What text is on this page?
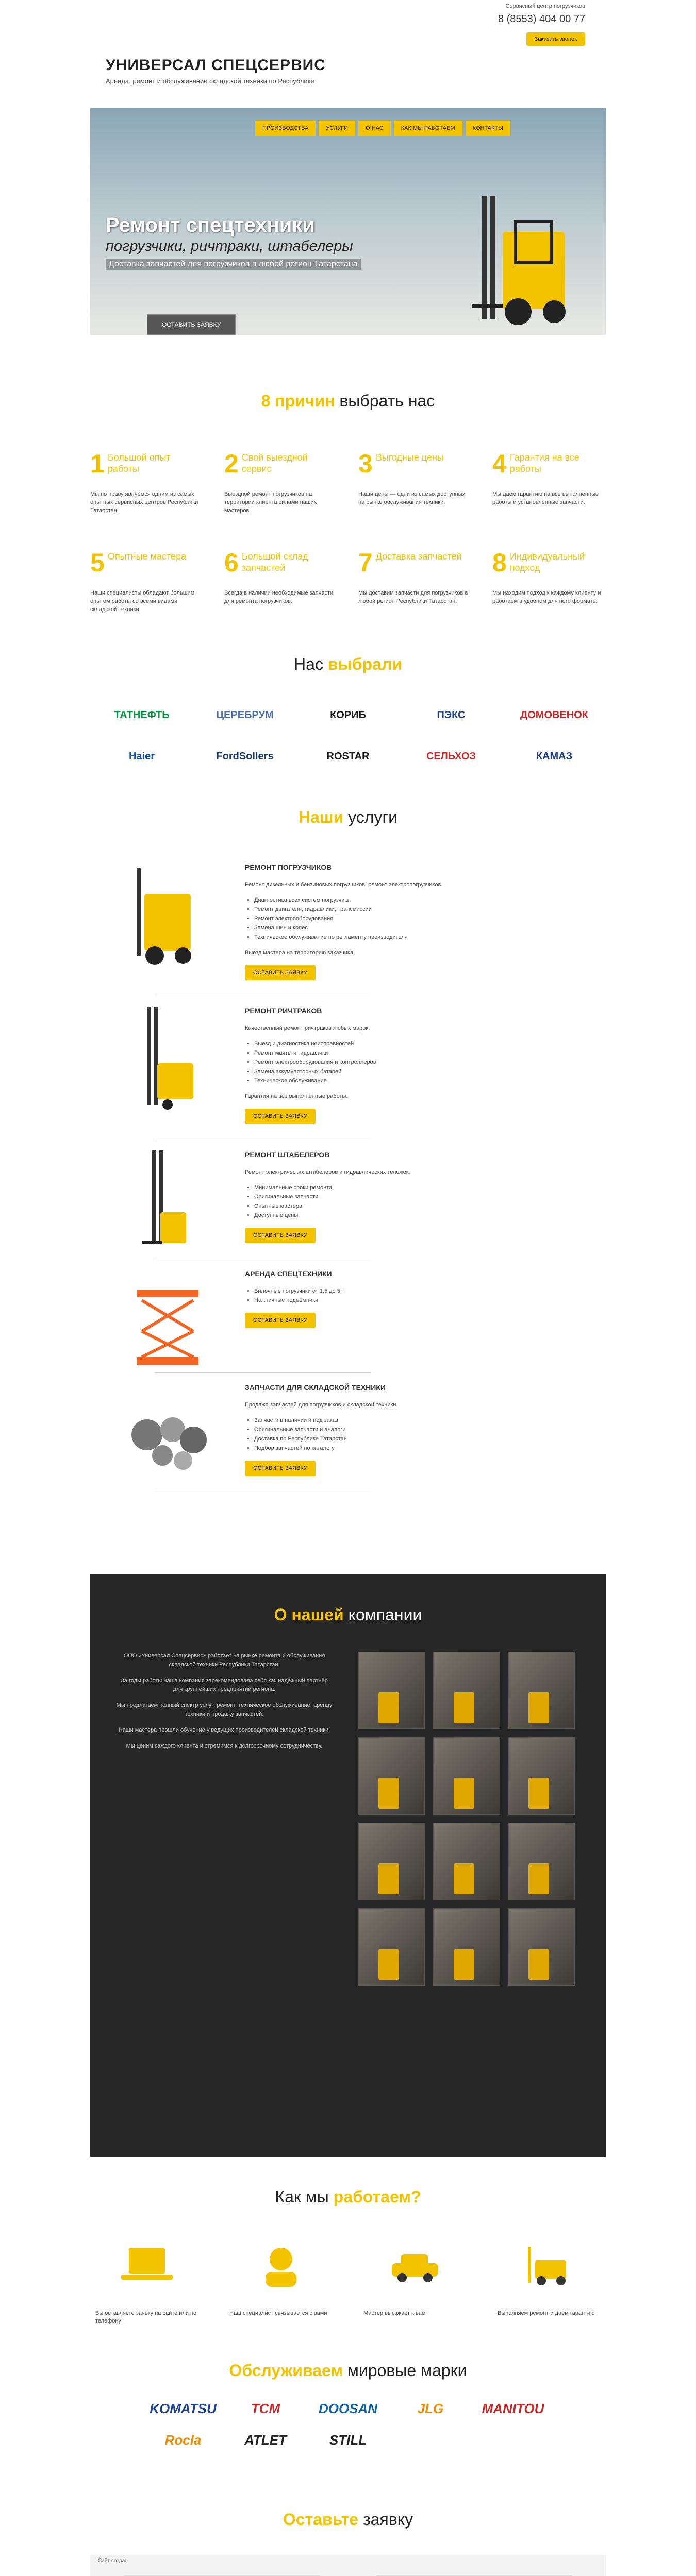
УНИВЕРСАЛ СПЕЦСЕРВИС
Аренда, ремонт и обслуживание складской техники по Республике
Сервисный центр погрузчиков
8 (8553) 404 00 77
Заказать звонок
ПРОИЗВОДСТВА	УСЛУГИ	О НАС	КАК МЫ РАБОТАЕМ	КОНТАКТЫ
Ремонт спецтехники
погрузчики, ричтраки, штабелеры
Доставка запчастей для погрузчиков в любой регион Татарстана
ОСТАВИТЬ ЗАЯВКУ
8 причин выбрать нас
1 Большой опыт работы
Мы по праву являемся одним из самых опытных сервисных центров Республики Татарстан.
2 Свой выездной сервис
Выездной ремонт погрузчиков на территории клиента силами наших мастеров.
3 Выгодные цены
Наши цены — одни из самых доступных на рынке обслуживания техники.
4 Гарантия на все работы
Мы даём гарантию на все выполненные работы и установленные запчасти.
5 Опытные мастера
Наши специалисты обладают большим опытом работы со всеми видами складской техники.
6 Большой склад запчастей
Всегда в наличии необходимые запчасти для ремонта погрузчиков.
7 Доставка запчастей
Мы доставим запчасти для погрузчиков в любой регион Республики Татарстан.
8 Индивидуальный подход
Мы находим подход к каждому клиенту и работаем в удобном для него формате.
Нас выбрали
ТАТНЕФТЬ	ЦЕРЕБРУМ	КОРИБ	ПЭКС	ДОМОВЕНОК
Haier	FordSollers	ROSTAR	СЕЛЬХОЗ	КАМАЗ
Наши услуги
РЕМОНТ ПОГРУЗЧИКОВ
Ремонт дизельных и бензиновых погрузчиков, ремонт электропогрузчиков.
• Диагностика всех систем погрузчика
• Ремонт двигателя, гидравлики, трансмиссии
• Ремонт электрооборудования
• Замена шин и колёс
• Техническое обслуживание по регламенту производителя
Выезд мастера на территорию заказчика.
ОСТАВИТЬ ЗАЯВКУ
РЕМОНТ РИЧТРАКОВ
Качественный ремонт ричтраков любых марок.
• Выезд и диагностика неисправностей
• Ремонт мачты и гидравлики
• Ремонт электрооборудования и контроллеров
• Замена аккумуляторных батарей
• Техническое обслуживание
Гарантия на все выполненные работы.
ОСТАВИТЬ ЗАЯВКУ
РЕМОНТ ШТАБЕЛЕРОВ
Ремонт электрических штабелеров и гидравлических тележек.
• Минимальные сроки ремонта
• Оригинальные запчасти
• Опытные мастера
• Доступные цены
ОСТАВИТЬ ЗАЯВКУ
АРЕНДА СПЕЦТЕХНИКИ
• Вилочные погрузчики от 1,5 до 5 т
• Ножничные подъёмники
ОСТАВИТЬ ЗАЯВКУ
ЗАПЧАСТИ ДЛЯ СКЛАДСКОЙ ТЕХНИКИ
Продажа запчастей для погрузчиков и складской техники.
• Запчасти в наличии и под заказ
• Оригинальные запчасти и аналоги
• Доставка по Республике Татарстан
• Подбор запчастей по каталогу
ОСТАВИТЬ ЗАЯВКУ
О нашей компании

ООО «Универсал Спецсервис» работает на рынке ремонта и обслуживания складской техники Республики Татарстан.

За годы работы наша компания зарекомендовала себя как надёжный партнёр для крупнейших предприятий региона.

Мы предлагаем полный спектр услуг: ремонт, техническое обслуживание, аренду техники и продажу запчастей.

Наши мастера прошли обучение у ведущих производителей складской техники.

Мы ценим каждого клиента и стремимся к долгосрочному сотрудничеству.

Как мы работаем?
Вы оставляете заявку на сайте или по телефону
Наш специалист связывается с вами	Мастер выезжает к вам	Выполняем ремонт и даём гарантию
Обслуживаем мировые марки
KOMATSU	TCM	DOOSAN	JLG	MANITOU
Rocla	ATLET	STILL
Оставьте заявку
Сайт создан
